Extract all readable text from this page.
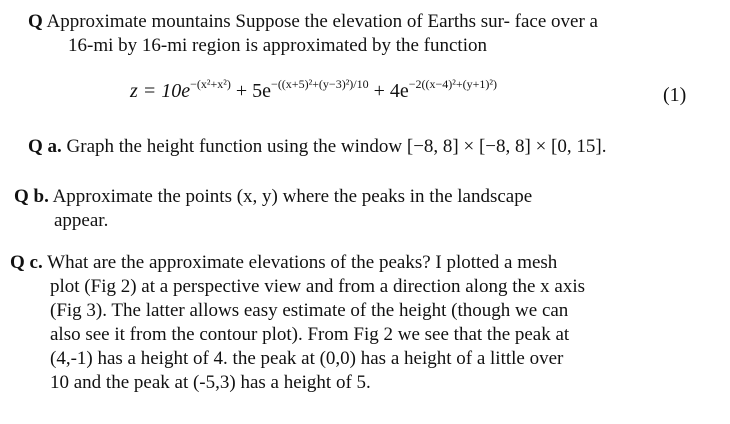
Q Approximate mountains Suppose the elevation of Earths sur- face over a
16-mi by 16-mi region is approximated by the function
$z = 10e^{-(x^2+x^2)} + 5e^{-((x+5)^2+(y-3)^2)/10} + 4e^{-2((x-4)^2+(y+1)^2)}$	(1)
Q a. Graph the height function using the window [−8, 8] × [−8, 8] × [0, 15].
Q b. Approximate the points (x, y) where the peaks in the landscape
appear.
Q c. What are the approximate elevations of the peaks? I plotted a mesh
plot (Fig 2) at a perspective view and from a direction along the x axis
(Fig 3). The latter allows easy estimate of the height (though we can
also see it from the contour plot). From Fig 2 we see that the peak at
(4,-1) has a height of 4. the peak at (0,0) has a height of a little over
10 and the peak at (-5,3) has a height of 5.
